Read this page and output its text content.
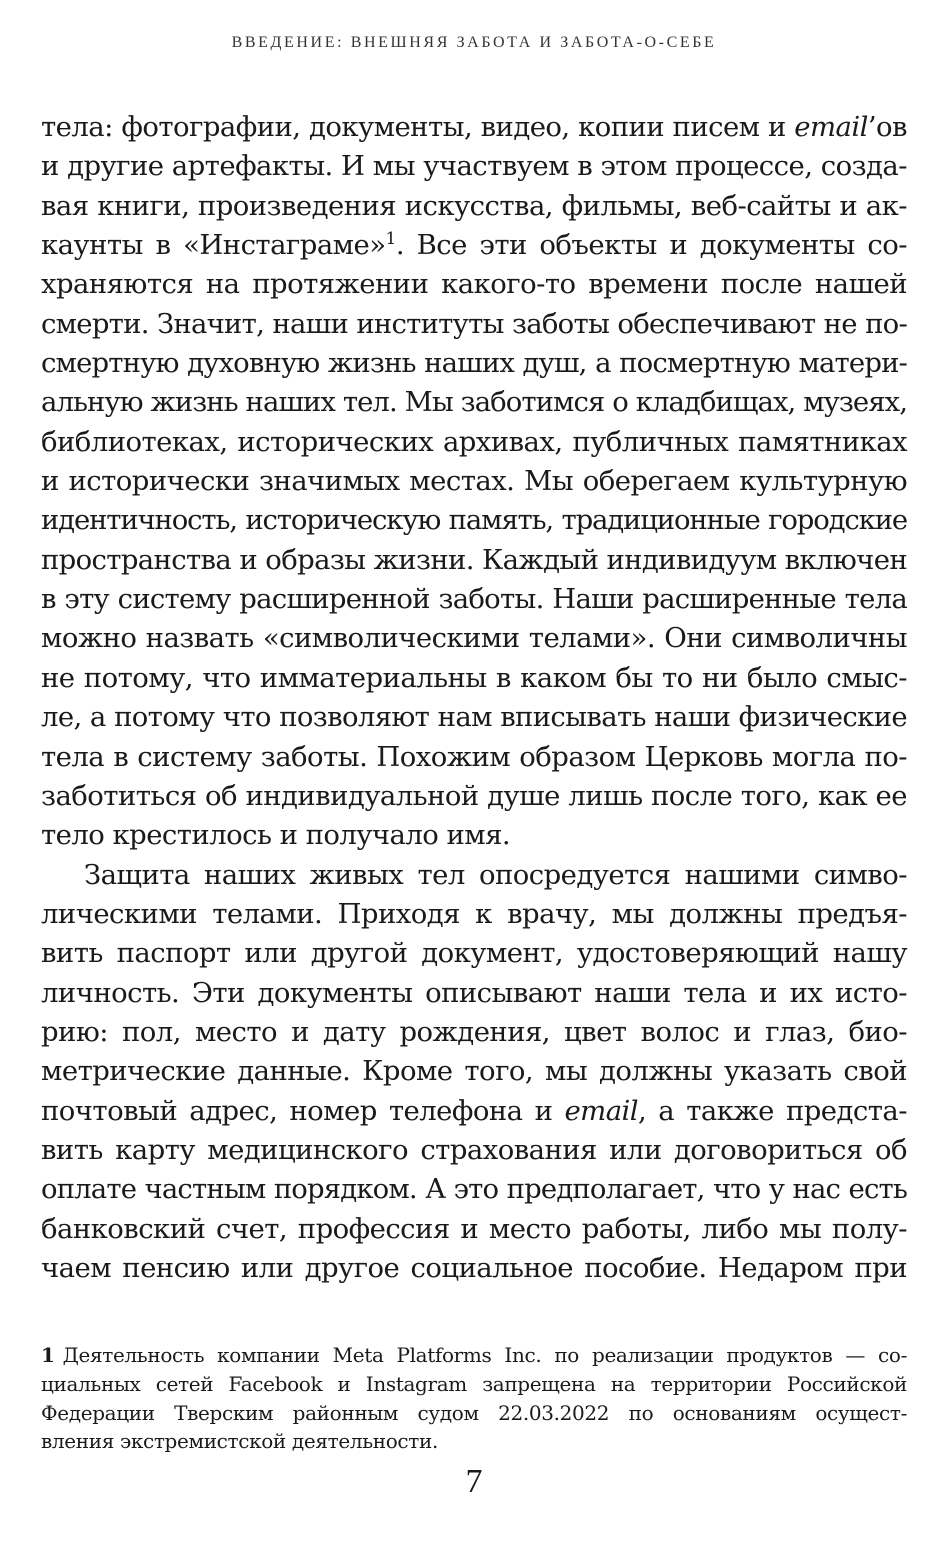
ВВЕДЕНИЕ: ВНЕШНЯЯ ЗАБОТА И ЗАБОТА-О-СЕБЕ
тела: фотографии, документы, видео, копии писем и email’ов
и другие артефакты. И мы участвуем в этом процессе, созда-
вая книги, произведения искусства, фильмы, веб-сайты и ак-
каунты в «Инстаграме»$^1$. Все эти объекты и документы со-
храняются на протяжении какого-то времени после нашей
смерти. Значит, наши институты заботы обеспечивают не по-
смертную духовную жизнь наших душ, а посмертную матери-
альную жизнь наших тел. Мы заботимся о кладбищах, музеях,
библиотеках, исторических архивах, публичных памятниках
и исторически значимых местах. Мы оберегаем культурную
идентичность, историческую память, традиционные городские
пространства и образы жизни. Каждый индивидуум включен
в эту систему расширенной заботы. Наши расширенные тела
можно назвать «символическими телами». Они символичны
не потому, что имматериальны в каком бы то ни было смыс-
ле, а потому что позволяют нам вписывать наши физические
тела в систему заботы. Похожим образом Церковь могла по-
заботиться об индивидуальной душе лишь после того, как ее
тело крестилось и получало имя.
Защита наших живых тел опосредуется нашими симво-
лическими телами. Приходя к врачу, мы должны предъя-
вить паспорт или другой документ, удостоверяющий нашу
личность. Эти документы описывают наши тела и их исто-
рию: пол, место и дату рождения, цвет волос и глаз, био-
метрические данные. Кроме того, мы должны указать свой
почтовый адрес, номер телефона и email, а также предста-
вить карту медицинского страхования или договориться об
оплате частным порядком. А это предполагает, что у нас есть
банковский счет, профессия и место работы, либо мы полу-
чаем пенсию или другое социальное пособие. Недаром при
1 Деятельность компании Meta Platforms Inc. по реализации продуктов — со-
циальных сетей Facebook и Instagram запрещена на территории Российской
Федерации Тверским районным судом 22.03.2022 по основаниям осущест-
вления экстремистской деятельности.
7
